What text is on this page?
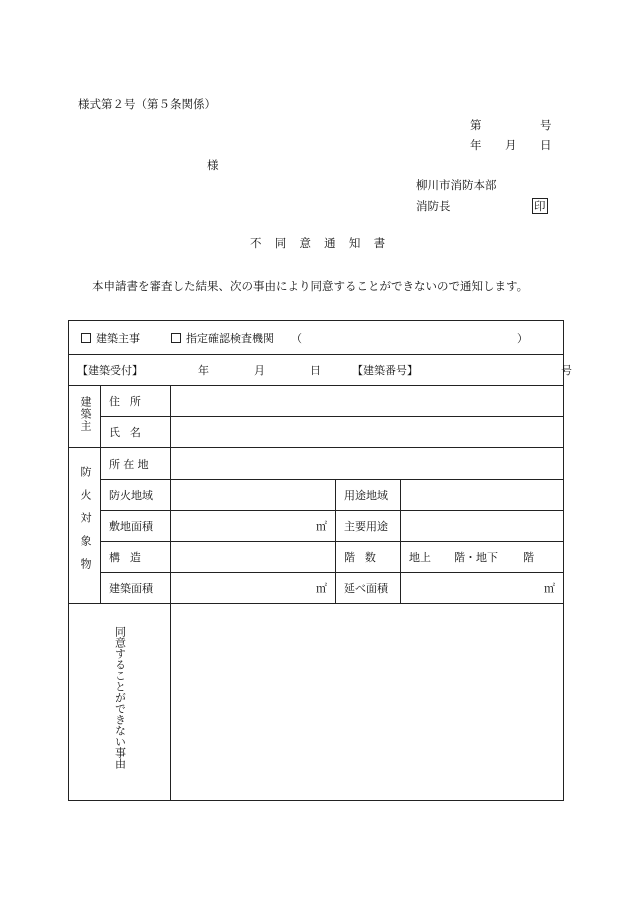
様式第２号（第５条関係）
第	号
年 月 日
様
柳川市消防本部
消防長	印
不同意通知書
本申請書を審査した結果、次の事由により同意することができないので通知します。
建築主事 指定確認検査機関 （ ）				
【建築受付】 年 月 日 【建築番号】 号				
建築主	住所			
	氏名			
防火対象物	所在地			
	防火地域		用途地域	
	敷地面積	㎡	主要用途	
	構造		階数	地上 階・地下 階
	建築面積	㎡	延べ面積	㎡
同意することができない事由				
